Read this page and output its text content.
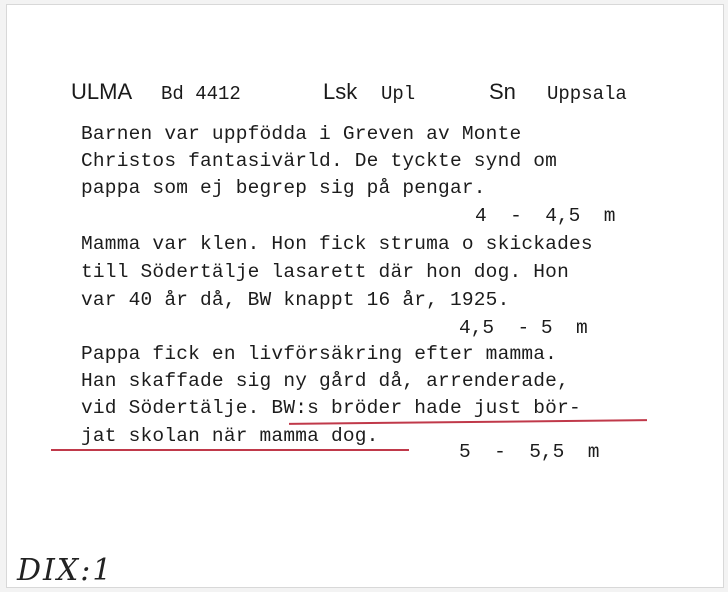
ULMA Bd 4412	Lsk Upl	Sn Uppsala
Barnen var uppfödda i Greven av Monte
Christos fantasivärld. De tyckte synd om
pappa som ej begrep sig på pengar.
4  -  4,5  m
Mamma var klen. Hon fick struma o skickades
till Södertälje lasarett där hon dog. Hon
var 40 år då, BW knappt 16 år, 1925.
4,5  - 5  m
Pappa fick en livförsäkring efter mamma.
Han skaffade sig ny gård då, arrenderade,
vid Södertälje. BW:s bröder hade just bör-
jat skolan när mamma dog.
5  -  5,5  m
DIX:1
